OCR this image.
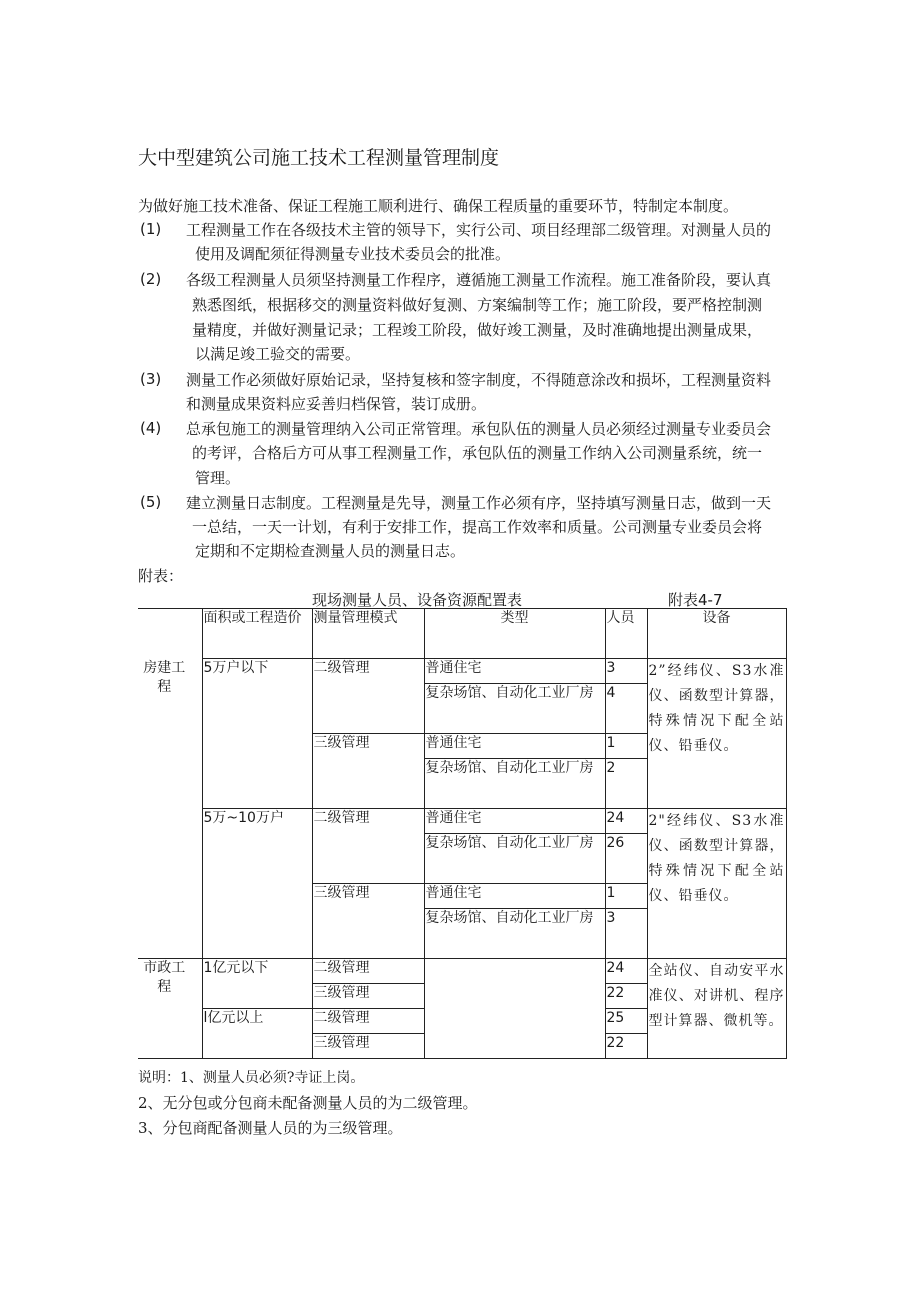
大中型建筑公司施工技术工程测量管理制度
为做好施工技术准备、保证工程施工顺利进行、确保工程质量的重要环节，特制定本制度。
(1) 工程测量工作在各级技术主管的领导下，实行公司、项目经理部二级管理。对测量人员的
使用及调配须征得测量专业技术委员会的批准。
(2) 各级工程测量人员须坚持测量工作程序，遵循施工测量工作流程。施工准备阶段，要认真
熟悉图纸，根据移交的测量资料做好复测、方案编制等工作；施工阶段，要严格控制测
量精度，并做好测量记录；工程竣工阶段，做好竣工测量，及时准确地提出测量成果，
以满足竣工验交的需要。
(3) 测量工作必须做好原始记录，坚持复核和签字制度，不得随意涂改和损坏，工程测量资料
和测量成果资料应妥善归档保管，装订成册。
(4) 总承包施工的测量管理纳入公司正常管理。承包队伍的测量人员必须经过测量专业委员会
的考评，合格后方可从事工程测量工作，承包队伍的测量工作纳入公司测量系统，统一
管理。
(5) 建立测量日志制度。工程测量是先导，测量工作必须有序，坚持填写测量日志，做到一天
一总结，一天一计划，有利于安排工作，提高工作效率和质量。公司测量专业委员会将
定期和不定期检查测量人员的测量日志。
附表：
现场测量人员、设备资源配置表	附表4-7
	面积或工程造价	测量管理模式	类型	人员	设备
房建工程	5万户以下	二级管理	普通住宅	3	2”经纬仪、S3水准仪、函数型计算器，特殊情况下配全站仪、铅垂仪。

			复杂场馆、自动化工业厂房	4	
		三级管理	普通住宅	1	
			复杂场馆、自动化工业厂房	2	
	5万~10万户	二级管理	普通住宅	24	2"经纬仪、S3水准仪、函数型计算器，特殊情况下配全站仪、铅垂仪。

			复杂场馆、自动化工业厂房	26	
		三级管理	普通住宅	1	
			复杂场馆、自动化工业厂房	3	
市政工程	1亿元以下	二级管理		24	全站仪、自动安平水准仪、对讲机、程序型计算器、微机等。

		三级管理		22	
	l亿元以上	二级管理		25	
		三级管理		22	
说明：1、测量人员必须?寺证上岗。
2、无分包或分包商未配备测量人员的为二级管理。
3、分包商配备测量人员的为三级管理。
